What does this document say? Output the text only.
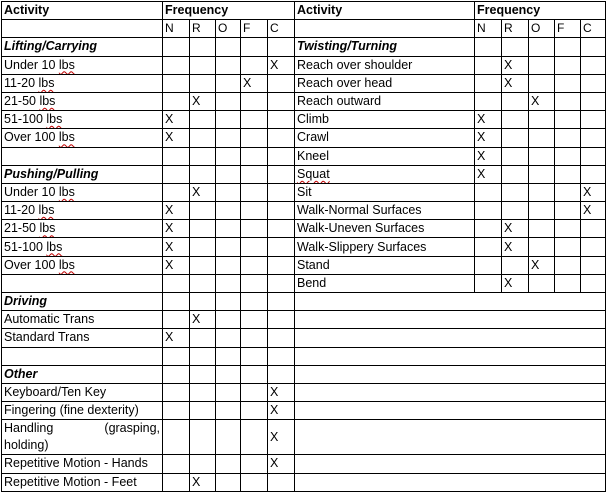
Activity	Frequency					Activity	Frequency				
	N	R	O	F	C		N	R	O	F	C
Lifting/Carrying						Twisting/Turning					
Under 10 lbs					X	Reach over shoulder		X			
11-20 lbs				X		Reach over head		X			
21-50 lbs		X				Reach outward			X		
51-100 lbs	X					Climb	X				
Over 100 lbs	X					Crawl	X				
						Kneel	X				
Pushing/Pulling						Squat	X				
Under 10 lbs		X				Sit					X
11-20 lbs	X					Walk-Normal Surfaces					X
21-50 lbs	X					Walk-Uneven Surfaces		X			
51-100 lbs	X					Walk-Slippery Surfaces		X			
Over 100 lbs	X					Stand			X		
						Bend		X			
Driving											
Automatic Trans		X									
Standard Trans	X										

Other											
Keyboard/Ten Key					X						
Fingering (fine dexterity)					X						

Handling (grasping,
holding)					X						
Repetitive Motion - Hands					X						
Repetitive Motion - Feet		X									
